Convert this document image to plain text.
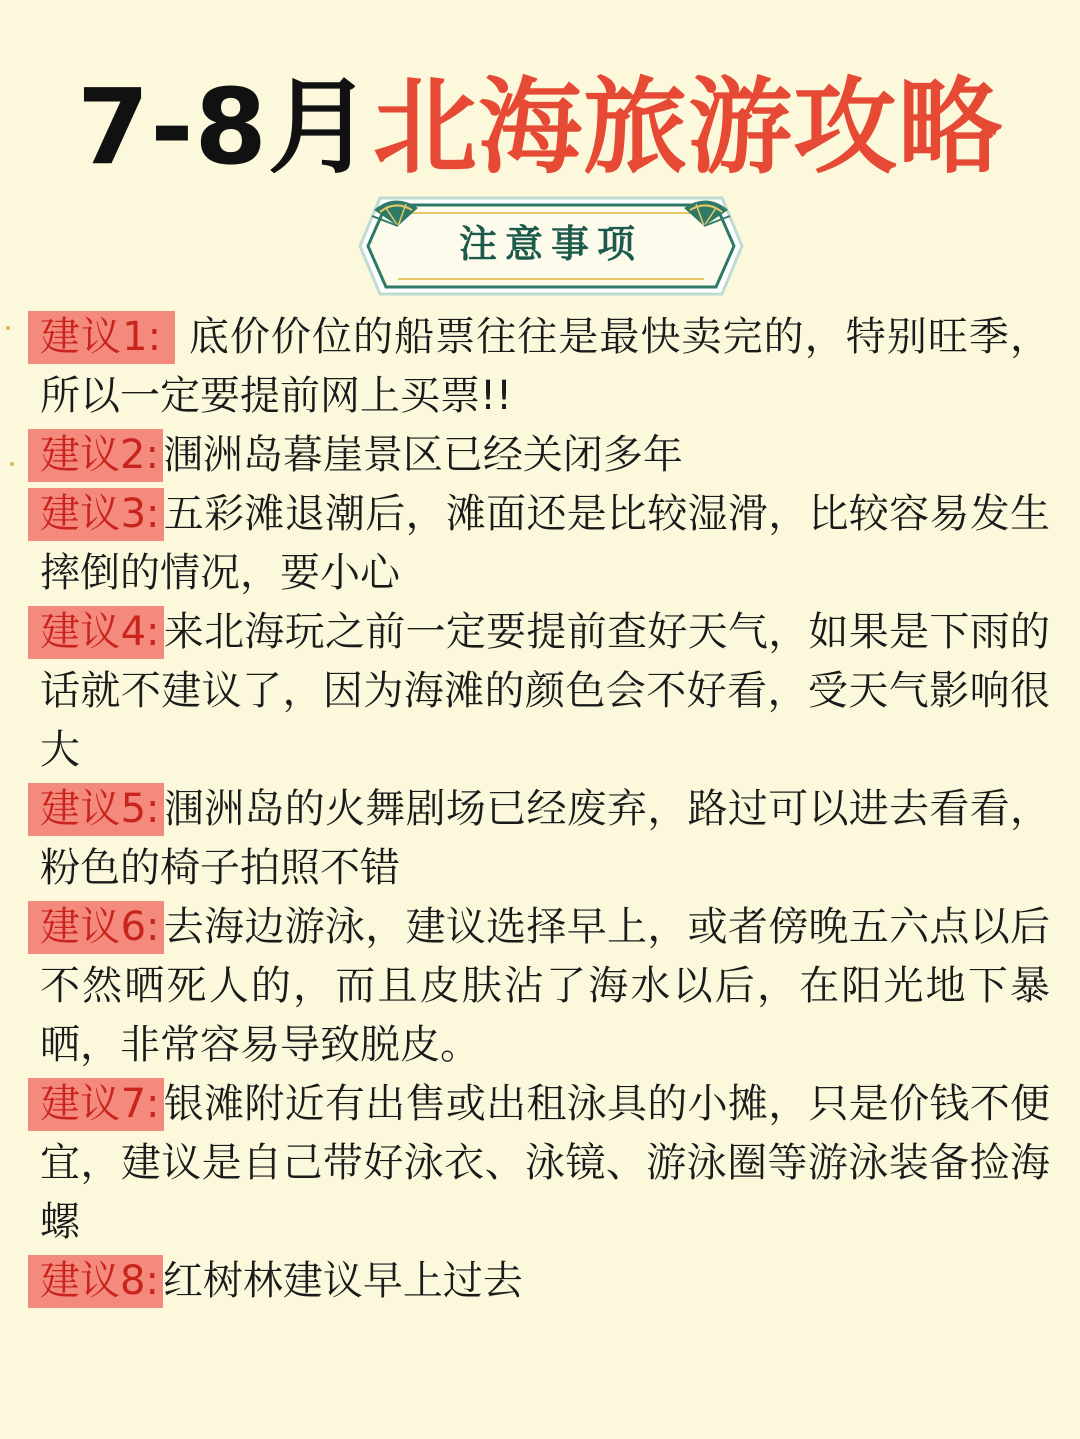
7-8月北海旅游攻略
注意事项

建议1: 底价价位的船票往往是最快卖完的，特别旺季，所以一定要提前网上买票!!

建议2: 涠洲岛暮崖景区已经关闭多年

建议3: 五彩滩退潮后，滩面还是比较湿滑，比较容易发生摔倒的情况，要小心

建议4: 来北海玩之前一定要提前查好天气，如果是下雨的话就不建议了，因为海滩的颜色会不好看，受天气影响很大

建议5: 涠洲岛的火舞剧场已经废弃，路过可以进去看看，粉色的椅子拍照不错

建议6: 去海边游泳，建议选择早上，或者傍晚五六点以后不然晒死人的，而且皮肤沾了海水以后，在阳光地下暴晒，非常容易导致脱皮。

建议7: 银滩附近有出售或出租泳具的小摊，只是价钱不便宜，建议是自己带好泳衣、泳镜、游泳圈等游泳装备捡海螺

建议8: 红树林建议早上过去
